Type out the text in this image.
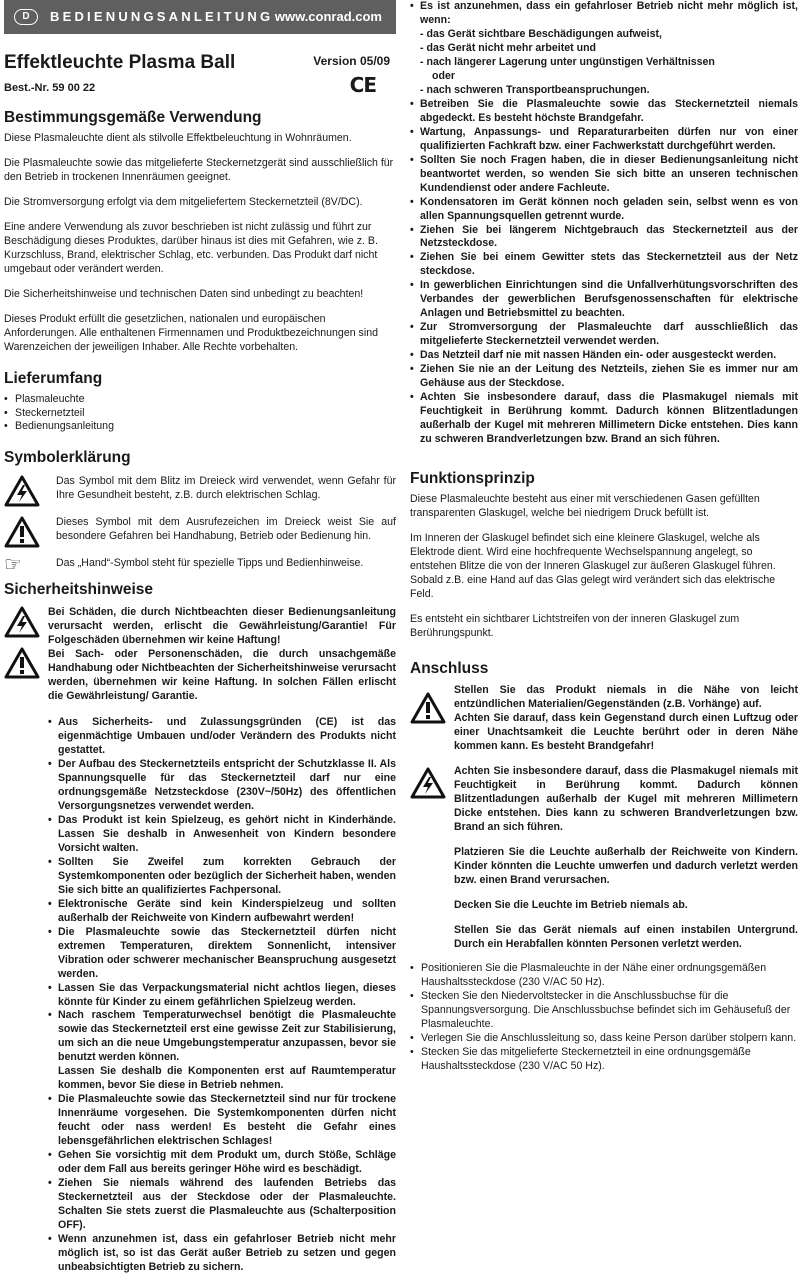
D	BEDIENUNGSANLEITUNG www.conrad.com
Effektleuchte Plasma Ball
Best.-Nr. 59 00 22
Version 05/09
CE
Bestimmungsgemäße Verwendung

Diese Plasmaleuchte dient als stilvolle Effektbeleuchtung in Wohnräumen.

Die Plasmaleuchte sowie das mitgelieferte Steckernetzgerät sind ausschließlich für den Betrieb in trockenen Innenräumen geeignet.

Die Stromversorgung erfolgt via dem mitgeliefertem Steckernetzteil (8V/DC).

Eine andere Verwendung als zuvor beschrieben ist nicht zulässig und führt zur Beschädigung dieses Produktes, darüber hinaus ist dies mit Gefahren, wie z. B. Kurzschluss, Brand, elektrischer Schlag, etc. verbunden. Das Produkt darf nicht umgebaut oder verändert werden.

Die Sicherheitshinweise und technischen Daten sind unbedingt zu beachten!

Dieses Produkt erfüllt die gesetzlichen, nationalen und europäischen Anforderungen. Alle enthaltenen Firmennamen und Produktbezeichnungen sind Warenzeichen der jeweiligen Inhaber. Alle Rechte vorbehalten.

Lieferumfang
• Plasmaleuchte
• Steckernetzteil
• Bedienungsanleitung
Symbolerklärung
Das Symbol mit dem Blitz im Dreieck wird verwendet, wenn Gefahr für Ihre Gesundheit besteht, z.B. durch elektrischen Schlag.
Dieses Symbol mit dem Ausrufezeichen im Dreieck weist Sie auf besondere Gefahren bei Handhabung, Betrieb oder Bedienung hin.
☞	Das „Hand“-Symbol steht für spezielle Tipps und Bedienhinweise.
Sicherheitshinweise

Bei Schäden, die durch Nichtbeachten dieser Bedienungsanleitung verursacht werden, erlischt die Gewährleistung/Garantie! Für Folgeschäden übernehmen wir keine Haftung!

Bei Sach- oder Personenschäden, die durch unsachgemäße Handhabung oder Nichtbeachten der Sicherheitshinweise verursacht werden, übernehmen wir keine Haftung. In solchen Fällen erlischt die Gewährleistung/ Garantie.

• Aus Sicherheits- und Zulassungsgründen (CE) ist das eigenmächtige Umbauen und/oder Verändern des Produkts nicht gestattet.
• Der Aufbau des Steckernetzteils entspricht der Schutzklasse II. Als Spannungsquelle für das Steckernetzteil darf nur eine ordnungsgemäße Netzsteckdose (230V~/50Hz) des öffentlichen Versorgungsnetzes verwendet werden.
• Das Produkt ist kein Spielzeug, es gehört nicht in Kinderhände. Lassen Sie deshalb in Anwesenheit von Kindern besondere Vorsicht walten.
• Sollten Sie Zweifel zum korrekten Gebrauch der Systemkomponenten oder bezüglich der Sicherheit haben, wenden Sie sich bitte an qualifiziertes Fachpersonal.
• Elektronische Geräte sind kein Kinderspielzeug und sollten außerhalb der Reichweite von Kindern aufbewahrt werden!
• Die Plasmaleuchte sowie das Steckernetzteil dürfen nicht extremen Temperaturen, direktem Sonnenlicht, intensiver Vibration oder schwerer mechanischer Beanspruchung ausgesetzt werden.
• Lassen Sie das Verpackungsmaterial nicht achtlos liegen, dieses könnte für Kinder zu einem gefährlichen Spielzeug werden.
• Nach raschem Temperaturwechsel benötigt die Plasmaleuchte sowie das Steckernetzteil erst eine gewisse Zeit zur Stabilisierung, um sich an die neue Umgebungstemperatur anzupassen, bevor sie benutzt werden können.
Lassen Sie deshalb die Komponenten erst auf Raumtemperatur kommen, bevor Sie diese in Betrieb nehmen.
• Die Plasmaleuchte sowie das Steckernetzteil sind nur für trockene Innenräume vorgesehen. Die Systemkomponenten dürfen nicht feucht oder nass werden! Es besteht die Gefahr eines lebensgefährlichen elektrischen Schlages!
• Gehen Sie vorsichtig mit dem Produkt um, durch Stöße, Schläge oder dem Fall aus bereits geringer Höhe wird es beschädigt.
• Ziehen Sie niemals während des laufenden Betriebs das Steckernetzteil aus der Steckdose oder der Plasmaleuchte. Schalten Sie stets zuerst die Plasmaleuchte aus (Schalterposition OFF).
• Wenn anzunehmen ist, dass ein gefahrloser Betrieb nicht mehr möglich ist, so ist das Gerät außer Betrieb zu setzen und gegen unbeabsichtigten Betrieb zu sichern.
• Es ist anzunehmen, dass ein gefahrloser Betrieb nicht mehr möglich ist, wenn:
- das Gerät sichtbare Beschädigungen aufweist,
- das Gerät nicht mehr arbeitet und
- nach längerer Lagerung unter ungünstigen Verhältnissen
oder
- nach schweren Transportbeanspruchungen.
• Betreiben Sie die Plasmaleuchte sowie das Steckernetzteil niemals abgedeckt. Es besteht höchste Brandgefahr.
• Wartung, Anpassungs- und Reparaturarbeiten dürfen nur von einer qualifizierten Fachkraft bzw. einer Fachwerkstatt durchgeführt werden.
• Sollten Sie noch Fragen haben, die in dieser Bedienungsanleitung nicht beantwortet werden, so wenden Sie sich bitte an unseren technischen Kundendienst oder andere Fachleute.
• Kondensatoren im Gerät können noch geladen sein, selbst wenn es von allen Spannungsquellen getrennt wurde.
• Ziehen Sie bei längerem Nichtgebrauch das Steckernetzteil aus der Netzsteckdose.
• Ziehen Sie bei einem Gewitter stets das Steckernetzteil aus der Netz steckdose.
• In gewerblichen Einrichtungen sind die Unfallverhütungsvorschriften des Verbandes der gewerblichen Berufsgenossenschaften für elektrische Anlagen und Betriebsmittel zu beachten.
• Zur Stromversorgung der Plasmaleuchte darf ausschließlich das mitgelieferte Steckernetzteil verwendet werden.
• Das Netzteil darf nie mit nassen Händen ein- oder ausgesteckt werden.
• Ziehen Sie nie an der Leitung des Netzteils, ziehen Sie es immer nur am Gehäuse aus der Steckdose.
• Achten Sie insbesondere darauf, dass die Plasmakugel niemals mit Feuchtigkeit in Berührung kommt. Dadurch können Blitzentladungen außerhalb der Kugel mit mehreren Millimetern Dicke entstehen. Dies kann zu schweren Brandverletzungen bzw. Brand an sich führen.
Funktionsprinzip

Diese Plasmaleuchte besteht aus einer mit verschiedenen Gasen gefüllten transparenten Glaskugel, welche bei niedrigem Druck befüllt ist.

Im Inneren der Glaskugel befindet sich eine kleinere Glaskugel, welche als Elektrode dient. Wird eine hochfrequente Wechselspannung angelegt, so entstehen Blitze die von der Inneren Glaskugel zur äußeren Glaskugel führen.

Sobald z.B. eine Hand auf das Glas gelegt wird verändert sich das elektrische Feld.

Es entsteht ein sichtbarer Lichtstreifen von der inneren Glaskugel zum Berührungspunkt.

Anschluss

Stellen Sie das Produkt niemals in die Nähe von leicht entzündlichen Materialien/Gegenständen (z.B. Vorhänge) auf.

Achten Sie darauf, dass kein Gegenstand durch einen Luftzug oder einer Unachtsamkeit die Leuchte berührt oder in deren Nähe kommen kann. Es besteht Brandgefahr!

Achten Sie insbesondere darauf, dass die Plasmakugel niemals mit Feuchtigkeit in Berührung kommt. Dadurch können Blitzentladungen außerhalb der Kugel mit mehreren Millimetern Dicke entstehen. Dies kann zu schweren Brandverletzungen bzw. Brand an sich führen.

Platzieren Sie die Leuchte außerhalb der Reichweite von Kindern. Kinder könnten die Leuchte umwerfen und dadurch verletzt werden bzw. einen Brand verursachen.

Decken Sie die Leuchte im Betrieb niemals ab.

Stellen Sie das Gerät niemals auf einen instabilen Untergrund. Durch ein Herabfallen könnten Personen verletzt werden.

• Positionieren Sie die Plasmaleuchte in der Nähe einer ordnungsgemäßen Haushaltssteckdose (230 V/AC 50 Hz).
• Stecken Sie den Niedervoltstecker in die Anschlussbuchse für die Spannungsversorgung. Die Anschlussbuchse befindet sich im Gehäusefuß der Plasmaleuchte.
• Verlegen Sie die Anschlussleitung so, dass keine Person darüber stolpern kann.
• Stecken Sie das mitgelieferte Steckernetzteil in eine ordnungsgemäße Haushaltssteckdose (230 V/AC 50 Hz).
